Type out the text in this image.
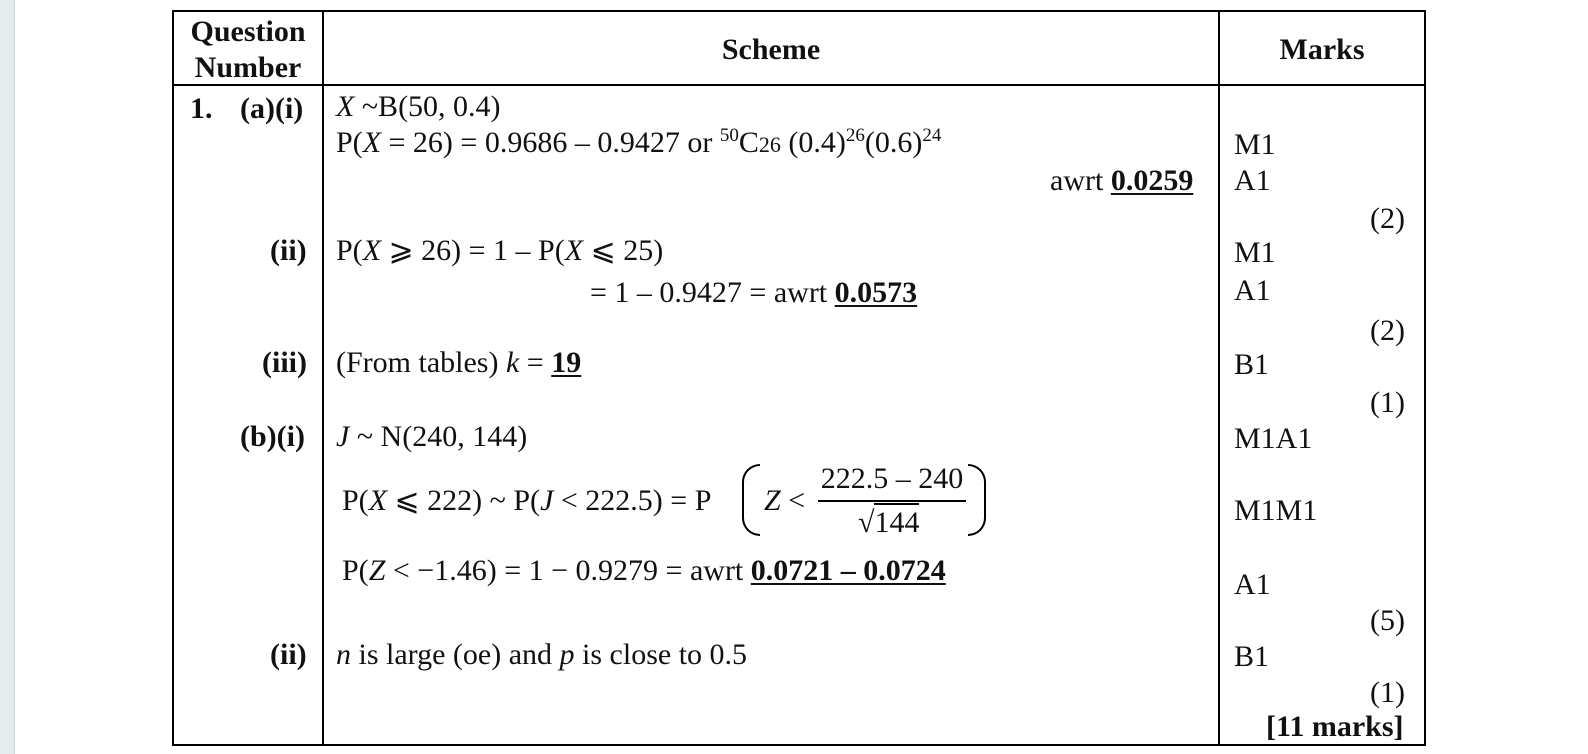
Question
Number
Scheme	Marks
1. (a)(i)
(ii)
(iii)
(b)(i)
(ii)
X ~B(50, 0.4)
P(X = 26) = 0.9686 – 0.9427 or $^{50}$C26 $(0.4)^{26}(0.6)^{24}$
awrt 0.0259
P(X ⩾ 26) = 1 – P(X ⩽ 25)
= 1 – 0.9427 = awrt 0.0573
(From tables) k = 19
J ~ N(240, 144)
P(X ⩽ 222) ~ P(J < 222.5) = P Z <
222.5 – 240
√144
P(Z < −1.46) = 1 − 0.9279 = awrt 0.0721 – 0.0724
n is large (oe) and p is close to 0.5
M1
A1
(2)
M1
A1
(2)
B1
(1)
M1A1
M1M1
A1
(5)
B1
(1)
[11 marks]
